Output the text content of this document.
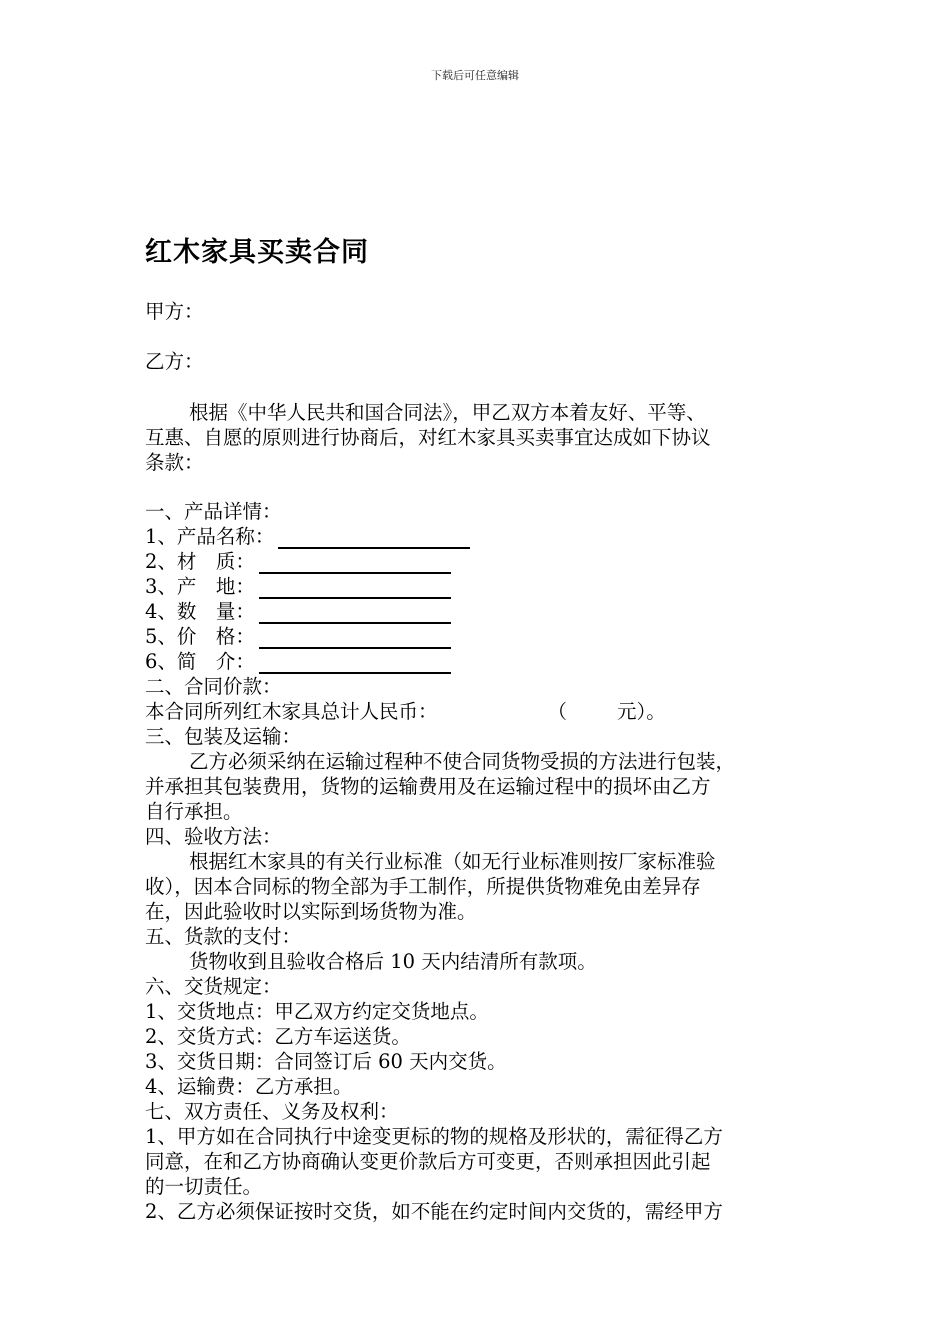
下载后可任意编辑
红木家具买卖合同
甲方：
乙方：
根据《中华人民共和国合同法》，甲乙双方本着友好、平等、
互惠、自愿的原则进行协商后，对红木家具买卖事宜达成如下协议
条款：
一、产品详情：
1、产品名称：
2、材　质：
3、产　地：
4、数　量：
5、价　格：
6、简　介：
二、合同价款：
本合同所列红木家具总计人民币：	（	元）。
三、包装及运输：
乙方必须采纳在运输过程种不使合同货物受损的方法进行包装，
并承担其包装费用，货物的运输费用及在运输过程中的损坏由乙方
自行承担。
四、验收方法：
根据红木家具的有关行业标准（如无行业标准则按厂家标准验
收），因本合同标的物全部为手工制作，所提供货物难免由差异存
在，因此验收时以实际到场货物为准。
五、货款的支付：
货物收到且验收合格后 10 天内结清所有款项。
六、交货规定：
1、交货地点：甲乙双方约定交货地点。
2、交货方式：乙方车运送货。
3、交货日期：合同签订后 60 天内交货。
4、运输费：乙方承担。
七、双方责任、义务及权利：
1、甲方如在合同执行中途变更标的物的规格及形状的，需征得乙方
同意，在和乙方协商确认变更价款后方可变更，否则承担因此引起
的一切责任。
2、乙方必须保证按时交货，如不能在约定时间内交货的，需经甲方
